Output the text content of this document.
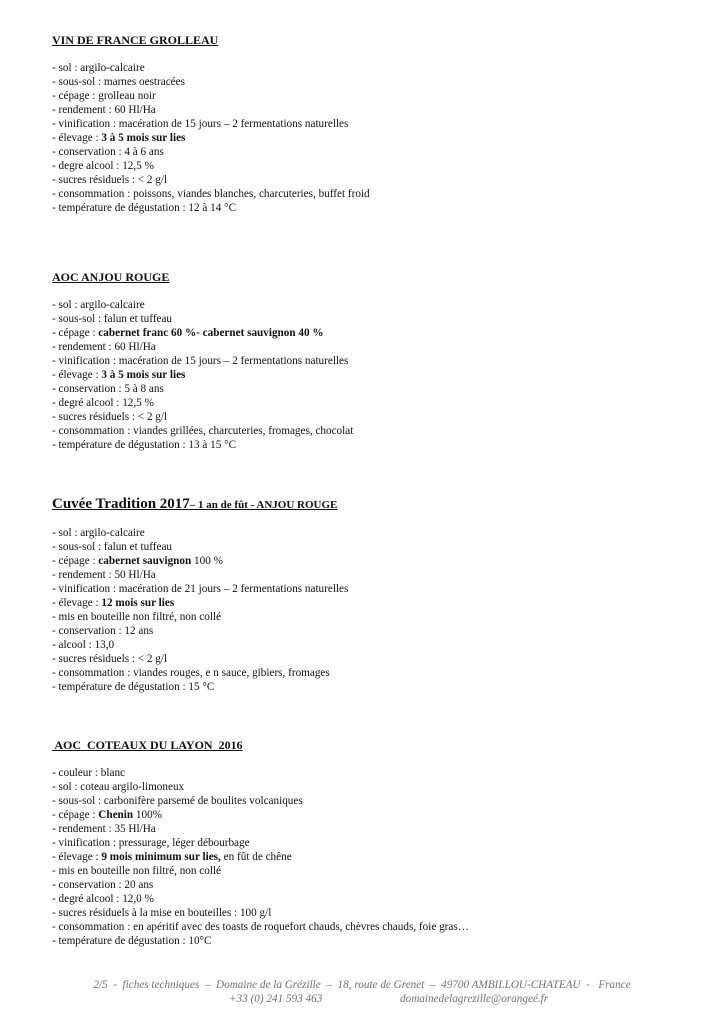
VIN DE FRANCE GROLLEAU
- sol : argilo-calcaire
- sous-sol : marnes oestracées
- cépage : grolleau noir
- rendement : 60 Hl/Ha
- vinification : macération de 15 jours – 2 fermentations naturelles
- élevage : 3 à 5 mois sur lies
- conservation : 4 à 6 ans
- degre alcool : 12,5 %
- sucres résiduels : < 2 g/l
- consommation : poissons, viandes blanches, charcuteries, buffet froid
- température de dégustation : 12 à 14 °C
AOC ANJOU ROUGE
- sol : argilo-calcaire
- sous-sol : falun et tuffeau
- cépage : cabernet franc 60 %- cabernet sauvignon 40 %
- rendement : 60 Hl/Ha
- vinification : macération de 15 jours – 2 fermentations naturelles
- élevage : 3 à 5 mois sur lies
- conservation : 5 à 8 ans
- degré alcool : 12,5 %
- sucres résiduels : < 2 g/l
- consommation : viandes grillées, charcuteries, fromages, chocolat
- température de dégustation : 13 à 15 °C
Cuvée Tradition 2017– 1 an de fût - ANJOU ROUGE
- sol : argilo-calcaire
- sous-sol : falun et tuffeau
- cépage : cabernet sauvignon 100 %
- rendement : 50 Hl/Ha
- vinification : macération de 21 jours – 2 fermentations naturelles
- élevage : 12 mois sur lies
- mis en bouteille non filtré, non collé
- conservation : 12 ans
- alcool : 13,0
- sucres résiduels : < 2 g/l
- consommation : viandes rouges, e n sauce, gibiers, fromages
- température de dégustation : 15 °C
AOC  COTEAUX DU LAYON  2016
- couleur : blanc
- sol : coteau argilo-limoneux
- sous-sol : carbonifère parsemé de boulites volcaniques
- cépage : Chenin 100%
- rendement : 35 Hl/Ha
- vinification : pressurage, léger débourbage
- élevage : 9 mois minimum sur lies, en fût de chêne
- mis en bouteille non filtré, non collé
- conservation : 20 ans
- degré alcool : 12,0 %
- sucres résiduels à la mise en bouteilles : 100 g/l
- consommation : en apéritif avec des toasts de roquefort chauds, chèvres chauds, foie gras…
- température de dégustation : 10°C
2/5  -  fiches techniques  –  Domaine de la Grézille  –  18, route de Grenet  –  49700 AMBILLOU-CHATEAU  -   France
+33 (0) 241 593 463	domainedelagrezille@orangeé.fr
